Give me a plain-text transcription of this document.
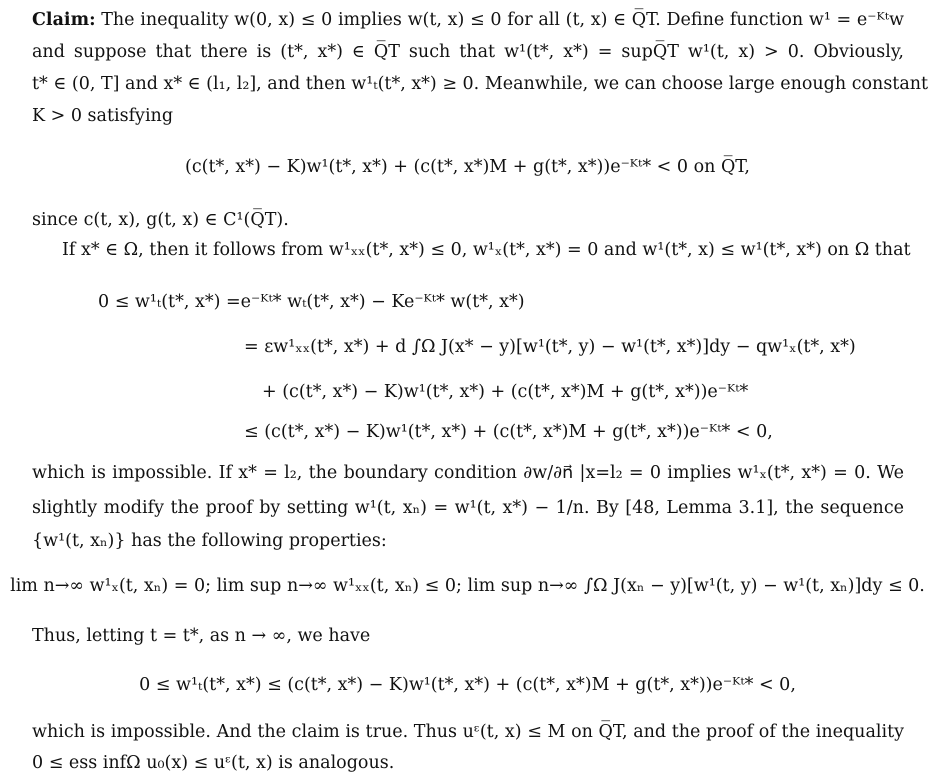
Claim: The inequality w(0, x) ≤ 0 implies w(t, x) ≤ 0 for all (t, x) ∈ Q̅T. Define function w¹ = e⁻ᴷᵗw
and suppose that there is (t*, x*) ∈ Q̅T such that w¹(t*, x*) = supQ̅T w¹(t, x) > 0. Obviously,
t* ∈ (0, T] and x* ∈ (l₁, l₂], and then w¹ₜ(t*, x*) ≥ 0. Meanwhile, we can choose large enough constant
K > 0 satisfying
(c(t*, x*) − K)w¹(t*, x*) + (c(t*, x*)M + g(t*, x*))e⁻ᴷᵗ* < 0 on Q̅T,
since c(t, x), g(t, x) ∈ C¹(Q̅T).
If x* ∈ Ω, then it follows from w¹ₓₓ(t*, x*) ≤ 0, w¹ₓ(t*, x*) = 0 and w¹(t*, x) ≤ w¹(t*, x*) on Ω that
0 ≤ w¹ₜ(t*, x*) =e⁻ᴷᵗ* wₜ(t*, x*) − Ke⁻ᴷᵗ* w(t*, x*)
= εw¹ₓₓ(t*, x*) + d ∫Ω J(x* − y)[w¹(t*, y) − w¹(t*, x*)]dy − qw¹ₓ(t*, x*)
+ (c(t*, x*) − K)w¹(t*, x*) + (c(t*, x*)M + g(t*, x*))e⁻ᴷᵗ*
≤ (c(t*, x*) − K)w¹(t*, x*) + (c(t*, x*)M + g(t*, x*))e⁻ᴷᵗ* < 0,
which is impossible. If x* = l₂, the boundary condition ∂w/∂n⃗ |x=l₂ = 0 implies w¹ₓ(t*, x*) = 0. We
slightly modify the proof by setting w¹(t, xₙ) = w¹(t, x*) − 1/n. By [48, Lemma 3.1], the sequence
{w¹(t, xₙ)} has the following properties:
lim n→∞ w¹ₓ(t, xₙ) = 0; lim sup n→∞ w¹ₓₓ(t, xₙ) ≤ 0; lim sup n→∞ ∫Ω J(xₙ − y)[w¹(t, y) − w¹(t, xₙ)]dy ≤ 0.
Thus, letting t = t*, as n → ∞, we have
0 ≤ w¹ₜ(t*, x*) ≤ (c(t*, x*) − K)w¹(t*, x*) + (c(t*, x*)M + g(t*, x*))e⁻ᴷᵗ* < 0,
which is impossible. And the claim is true. Thus uᵋ(t, x) ≤ M on Q̅T, and the proof of the inequality
0 ≤ ess infΩ u₀(x) ≤ uᵋ(t, x) is analogous.
